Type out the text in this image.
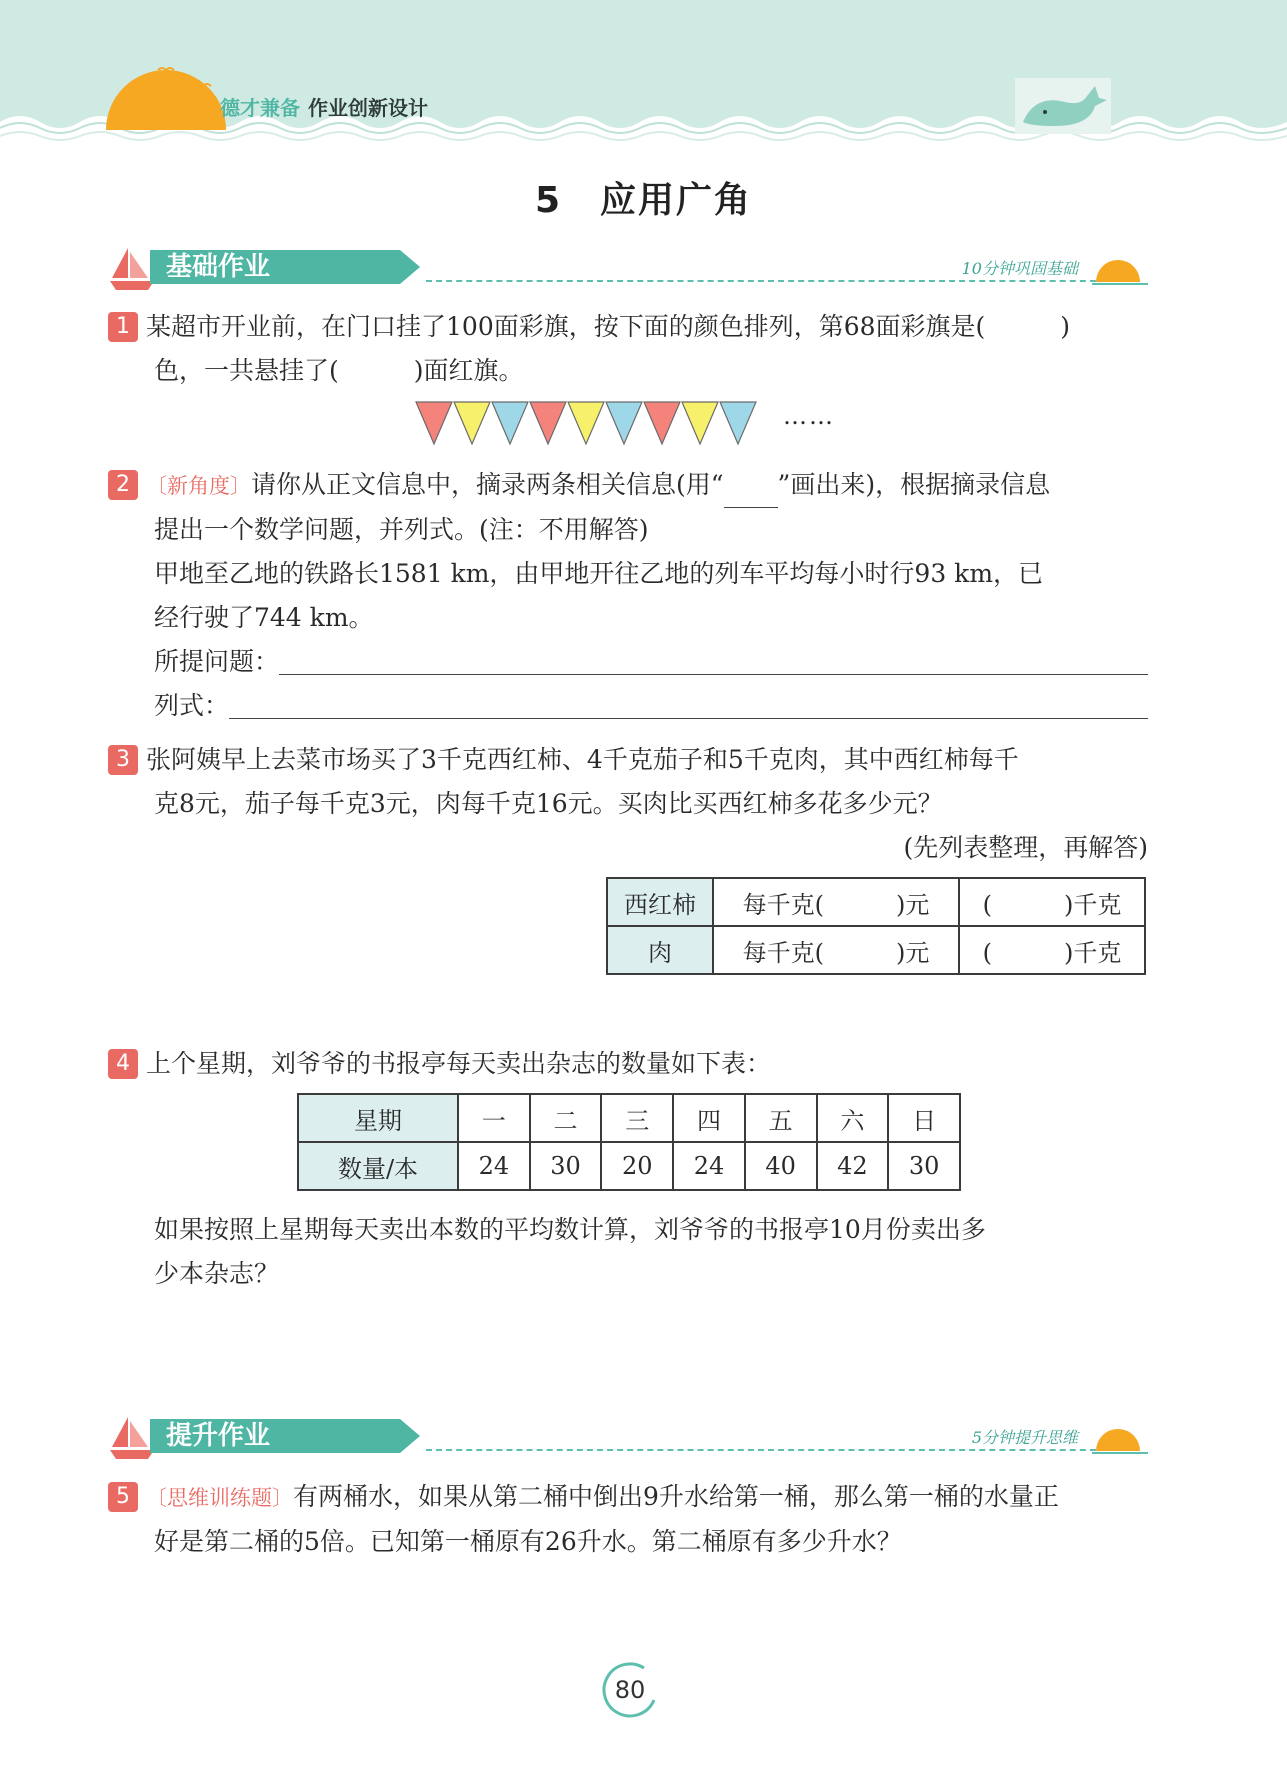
德才兼备 作业创新设计
5　应用广角
基础作业	10分钟巩固基础
1 某超市开业前，在门口挂了100面彩旗，按下面的颜色排列，第68面彩旗是(　　　)
色，一共悬挂了(　　　)面红旗。
……
2 〔新角度〕请你从正文信息中，摘录两条相关信息(用“ ”画出来)，根据摘录信息
提出一个数学问题，并列式。(注：不用解答)
甲地至乙地的铁路长1581 km，由甲地开往乙地的列车平均每小时行93 km，已
经行驶了744 km。
所提问题：
列式：
3 张阿姨早上去菜市场买了3千克西红柿、4千克茄子和5千克肉，其中西红柿每千
克8元，茄子每千克3元，肉每千克16元。买肉比买西红柿多花多少元？
(先列表整理，再解答)
西红柿	每千克(　　　)元	(　　　)千克
肉	每千克(　　　)元	(　　　)千克
4 上个星期，刘爷爷的书报亭每天卖出杂志的数量如下表：
星期	一	二	三	四	五	六	日
数量/本	24	30	20	24	40	42	30
如果按照上星期每天卖出本数的平均数计算，刘爷爷的书报亭10月份卖出多
少本杂志？
提升作业	5分钟提升思维
5 〔思维训练题〕有两桶水，如果从第二桶中倒出9升水给第一桶，那么第一桶的水量正
好是第二桶的5倍。已知第一桶原有26升水。第二桶原有多少升水？
80
